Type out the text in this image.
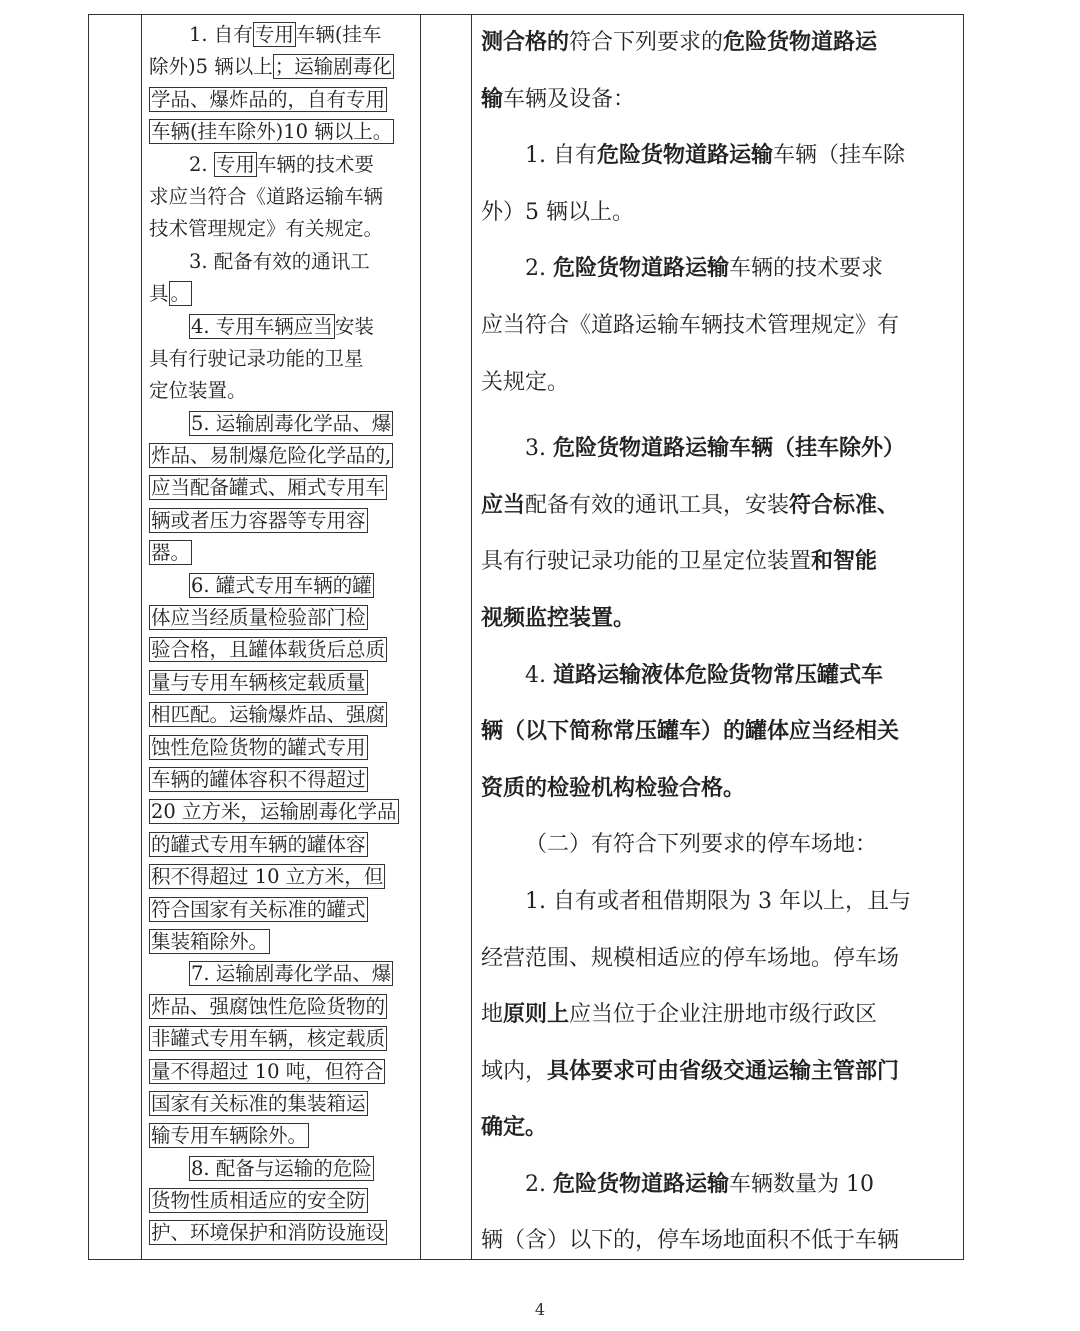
1. 自有 专用 车辆(挂车
除外)5 辆以上 ；运输剧毒化
学品、爆炸品的，自有专用
车辆(挂车除外)10 辆以上。
2. 专用 车辆的技术要
求应当符合《道路运输车辆
技术管理规定》有关规定。
3. 配备有效的通讯工
具 。
4. 专用车辆应当 安装
具有行驶记录功能的卫星
定位装置。
5. 运输剧毒化学品、爆
炸品、易制爆危险化学品的,
应当配备罐式、厢式专用车
辆或者压力容器等专用容
器。
6. 罐式专用车辆的罐
体应当经质量检验部门检
验合格，且罐体载货后总质
量与专用车辆核定载质量
相匹配。运输爆炸品、强腐
蚀性危险货物的罐式专用
车辆的罐体容积不得超过
20 立方米，运输剧毒化学品
的罐式专用车辆的罐体容
积不得超过 10 立方米，但
符合国家有关标准的罐式
集装箱除外。
7. 运输剧毒化学品、爆
炸品、强腐蚀性危险货物的
非罐式专用车辆，核定载质
量不得超过 10 吨，但符合
国家有关标准的集装箱运
输专用车辆除外。
8. 配备与运输的危险
货物性质相适应的安全防
护、环境保护和消防设施设
测合格的符合下列要求的危险货物道路运
输车辆及设备：
1. 自有危险货物道路运输车辆（挂车除
外）5 辆以上。
2. 危险货物道路运输车辆的技术要求
应当符合《道路运输车辆技术管理规定》有
关规定。
3. 危险货物道路运输车辆（挂车除外）
应当配备有效的通讯工具，安装符合标准、
具有行驶记录功能的卫星定位装置和智能
视频监控装置。
4. 道路运输液体危险货物常压罐式车
辆（以下简称常压罐车）的罐体应当经相关
资质的检验机构检验合格。
（二）有符合下列要求的停车场地：
1. 自有或者租借期限为 3 年以上，且与
经营范围、规模相适应的停车场地。停车场
地原则上应当位于企业注册地市级行政区
域内，具体要求可由省级交通运输主管部门
确定。
2. 危险货物道路运输车辆数量为 10
辆（含）以下的，停车场地面积不低于车辆
4
